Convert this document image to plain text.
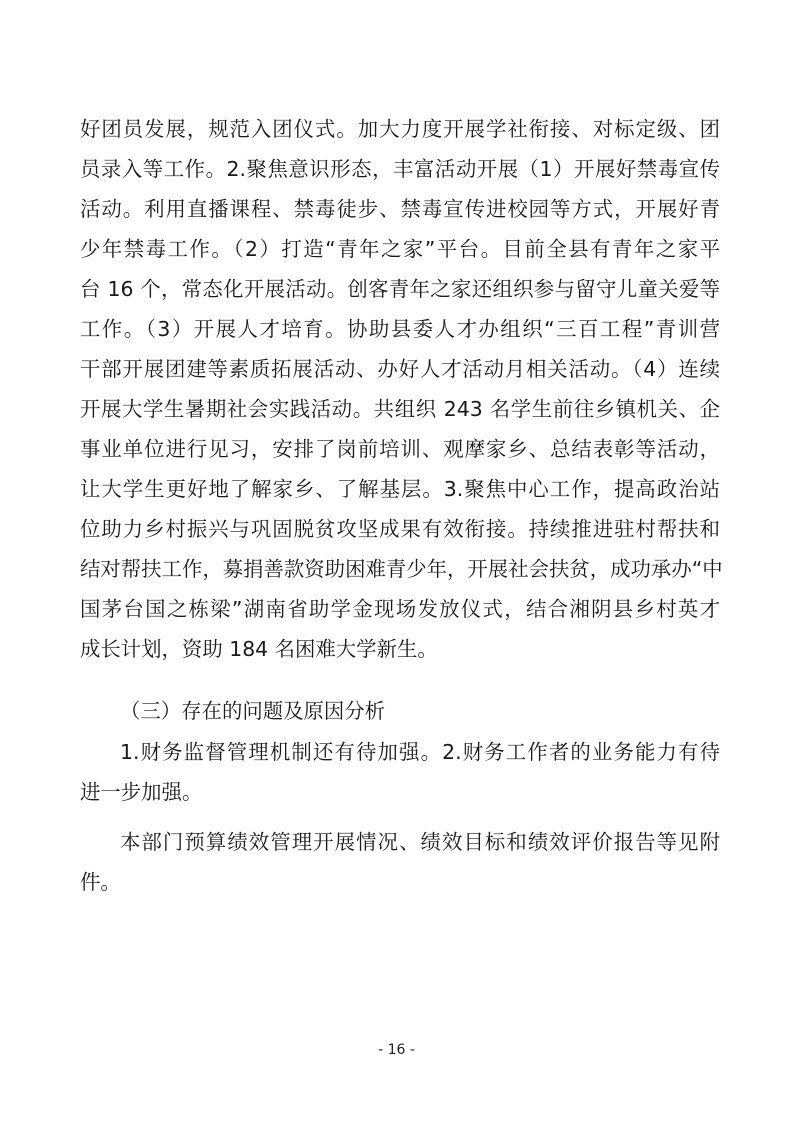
好团员发展，规范入团仪式。加大力度开展学社衔接、对标定级、团
员录入等工作。2.聚焦意识形态，丰富活动开展（1）开展好禁毒宣传
活动。利用直播课程、禁毒徒步、禁毒宣传进校园等方式，开展好青
少年禁毒工作。（2）打造“青年之家”平台。目前全县有青年之家平
台 16 个，常态化开展活动。创客青年之家还组织参与留守儿童关爱等
工作。（3）开展人才培育。协助县委人才办组织“三百工程”青训营
干部开展团建等素质拓展活动、办好人才活动月相关活动。（4）连续
开展大学生暑期社会实践活动。共组织 243 名学生前往乡镇机关、企
事业单位进行见习，安排了岗前培训、观摩家乡、总结表彰等活动，
让大学生更好地了解家乡、了解基层。3.聚焦中心工作，提高政治站
位助力乡村振兴与巩固脱贫攻坚成果有效衔接。持续推进驻村帮扶和
结对帮扶工作，募捐善款资助困难青少年，开展社会扶贫，成功承办“中
国茅台国之栋梁”湖南省助学金现场发放仪式，结合湘阴县乡村英才
成长计划，资助 184 名困难大学新生。
（三）存在的问题及原因分析
1.财务监督管理机制还有待加强。2.财务工作者的业务能力有待
进一步加强。
本部门预算绩效管理开展情况、绩效目标和绩效评价报告等见附
件。
- 16 -
